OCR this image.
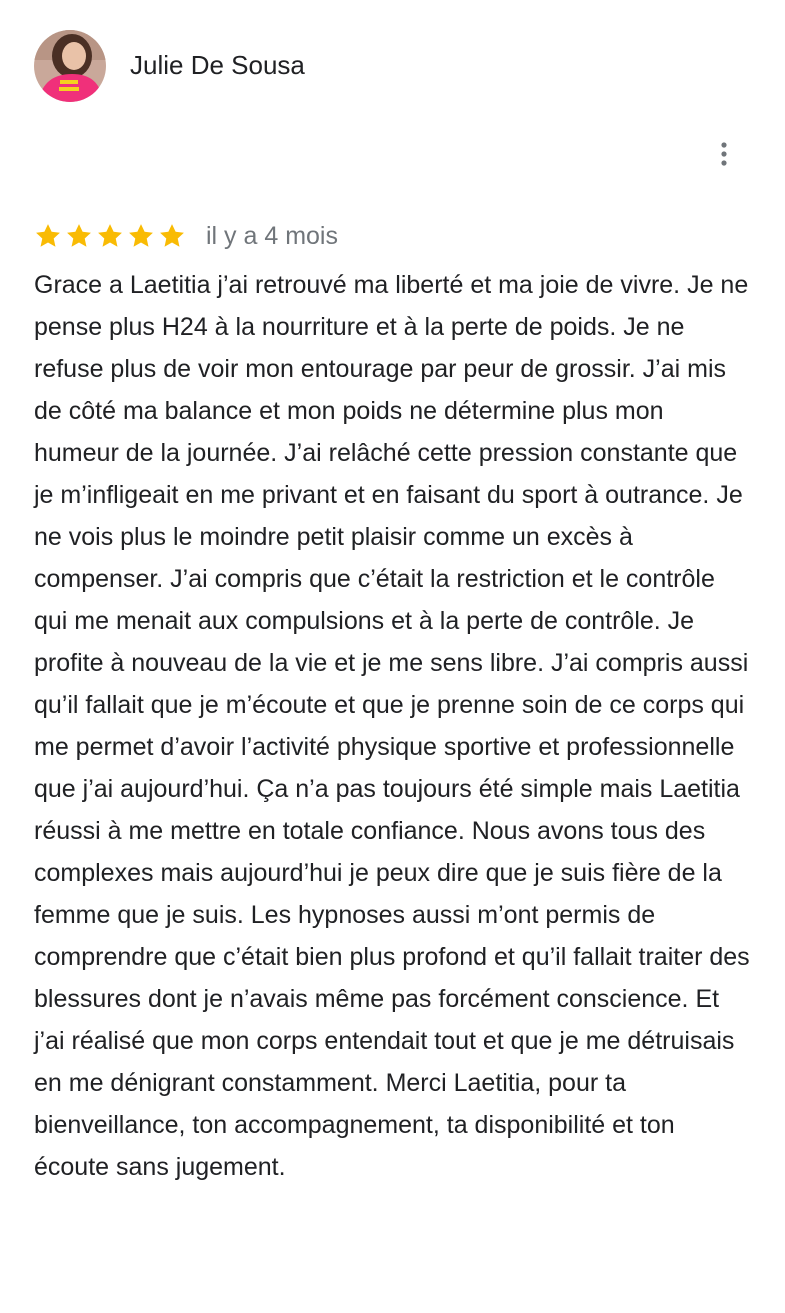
Julie De Sousa
il y a 4 mois

Grace a Laetitia j’ai retrouvé ma liberté et ma joie de vivre. Je ne pense plus H24 à la nourriture et à la perte de poids. Je ne refuse plus de voir mon entourage par peur de grossir. J’ai mis de côté ma balance et mon poids ne détermine plus mon humeur de la journée. J’ai relâché cette pression constante que je m’infligeait en me privant et en faisant du sport à outrance. Je ne vois plus le moindre petit plaisir comme un excès à compenser. J’ai compris que c’était la restriction et le contrôle qui me menait aux compulsions et à la perte de contrôle. Je profite à nouveau de la vie et je me sens libre. J’ai compris aussi qu’il fallait que je m’écoute et que je prenne soin de ce corps qui me permet d’avoir l’activité physique sportive et professionnelle que j’ai aujourd’hui. Ça n’a pas toujours été simple mais Laetitia réussi à me mettre en totale confiance. Nous avons tous des complexes mais aujourd’hui je peux dire que je suis fière de la femme que je suis. Les hypnoses aussi m’ont permis de comprendre que c’était bien plus profond et qu’il fallait traiter des blessures dont je n’avais même pas forcément conscience. Et j’ai réalisé que mon corps entendait tout et que je me détruisais en me dénigrant constamment. Merci Laetitia, pour ta bienveillance, ton accompagnement, ta disponibilité et ton écoute sans jugement.
